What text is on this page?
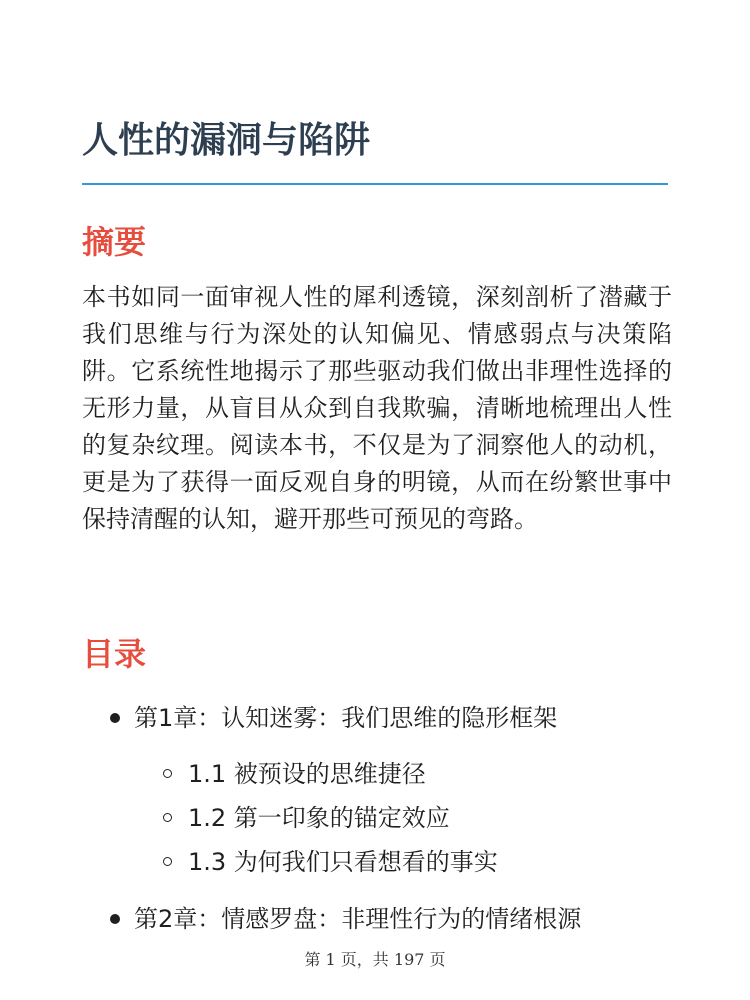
人性的漏洞与陷阱
摘要

本书如同一面审视人性的犀利透镜，深刻剖析了潜藏于我们思维与行为深处的认知偏见、情感弱点与决策陷阱。它系统性地揭示了那些驱动我们做出非理性选择的无形力量，从盲目从众到自我欺骗，清晰地梳理出人性的复杂纹理。阅读本书，不仅是为了洞察他人的动机，更是为了获得一面反观自身的明镜，从而在纷繁世事中保持清醒的认知，避开那些可预见的弯路。

目录
第1章：认知迷雾：我们思维的隐形框架
1.1 被预设的思维捷径
1.2 第一印象的锚定效应
1.3 为何我们只看想看的事实
第2章：情感罗盘：非理性行为的情绪根源
第 1 页，共 197 页
